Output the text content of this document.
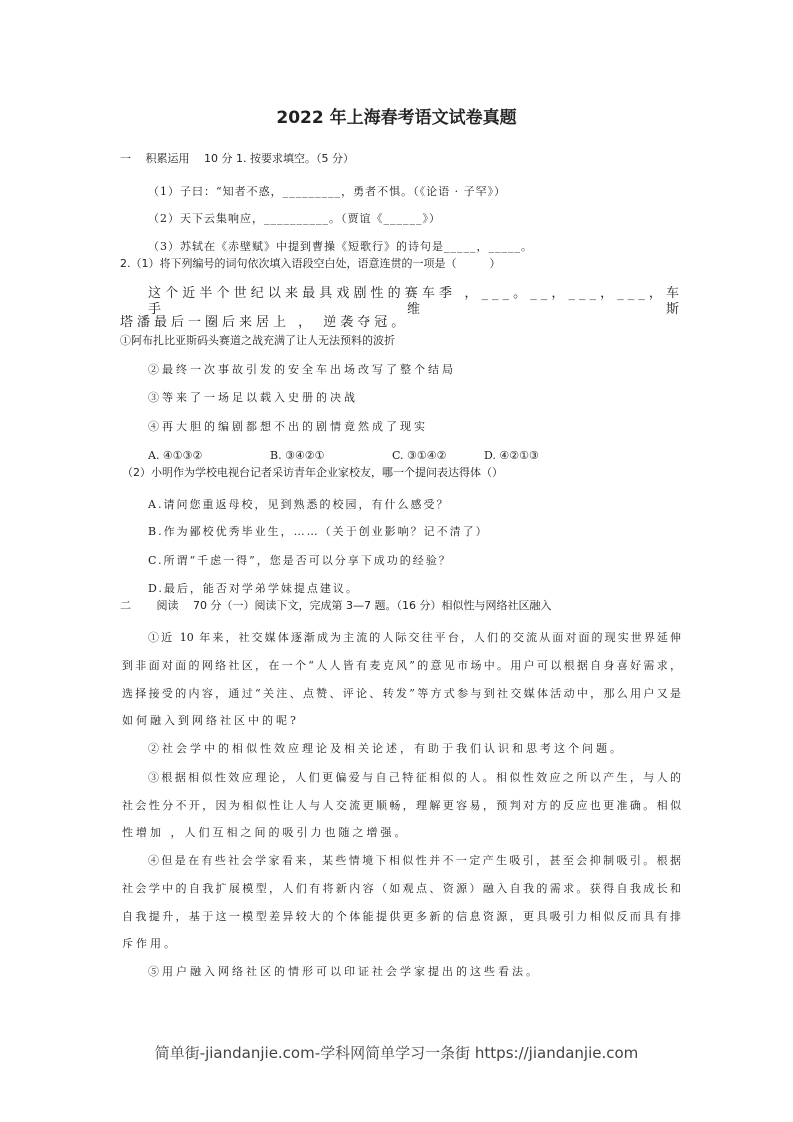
2022 年上海春考语文试卷真题
一　 积累运用　 10 分 1. 按要求填空。（5 分）
（1）子曰：“知者不惑，_________，勇者不惧。（《论语 · 子罕》）
（2）天下云集响应，__________。（贾谊《______》）
（3）苏轼在《赤壁赋》中提到曹操《短歌行》的诗句是_____，_____。
2.（1）将下列编号的词句依次填入语段空白处，语意连贯的一项是（　　　）
这个近半个世纪以来最具戏剧性的赛车季 ，___。__，___，___，车手维斯
塔潘最后一圈后来居上 ， 逆袭夺冠。
①阿布扎比亚斯码头赛道之战充满了让人无法预料的波折
②最终一次事故引发的安全车出场改写了整个结局
③等来了一场足以载入史册的决战
④再大胆的编剧都想不出的剧情竟然成了现实
A. ④①③②	B. ③④②①	C. ③①④②	D. ④②①③
（2）小明作为学校电视台记者采访青年企业家校友，哪一个提问表达得体（）
A.请问您重返母校，见到熟悉的校园，有什么感受？
B.作为鄙校优秀毕业生，……（关于创业影响？记不清了）
C.所谓“千虑一得”，您是否可以分享下成功的经验？
D.最后，能否对学弟学妹提点建议。
二　　 阅读　 70 分（一）阅读下文，完成第 3—7 题。（16 分）相似性与网络社区融入
①近 10 年来，社交媒体逐渐成为主流的人际交往平台，人们的交流从面对面的现实世界延伸
到非面对面的网络社区，在一个“人人皆有麦克风”的意见市场中。用户可以根据自身喜好需求，
选择接受的内容，通过“关注、点赞、评论、转发”等方式参与到社交媒体活动中，那么用户又是
如何融入到网络社区中的呢?
②社会学中的相似性效应理论及相关论述，有助于我们认识和思考这个问题。
③根据相似性效应理论，人们更偏爱与自己特征相似的人。相似性效应之所以产生，与人的
社会性分不开，因为相似性让人与人交流更顺畅，理解更容易，预判对方的反应也更准确。相似
性增加 ，人们互相之间的吸引力也随之增强。
④但是在有些社会学家看来，某些情境下相似性并不一定产生吸引，甚至会抑制吸引。根据
社会学中的自我扩展模型，人们有将新内容（如观点、资源）融入自我的需求。获得自我成长和
自我提升，基于这一模型差异较大的个体能提供更多新的信息资源，更具吸引力相似反而具有排
斥作用。
⑤用户融入网络社区的情形可以印证社会学家提出的这些看法。
简单街-jiandanjie.com-学科网简单学习一条街 https://jiandanjie.com
